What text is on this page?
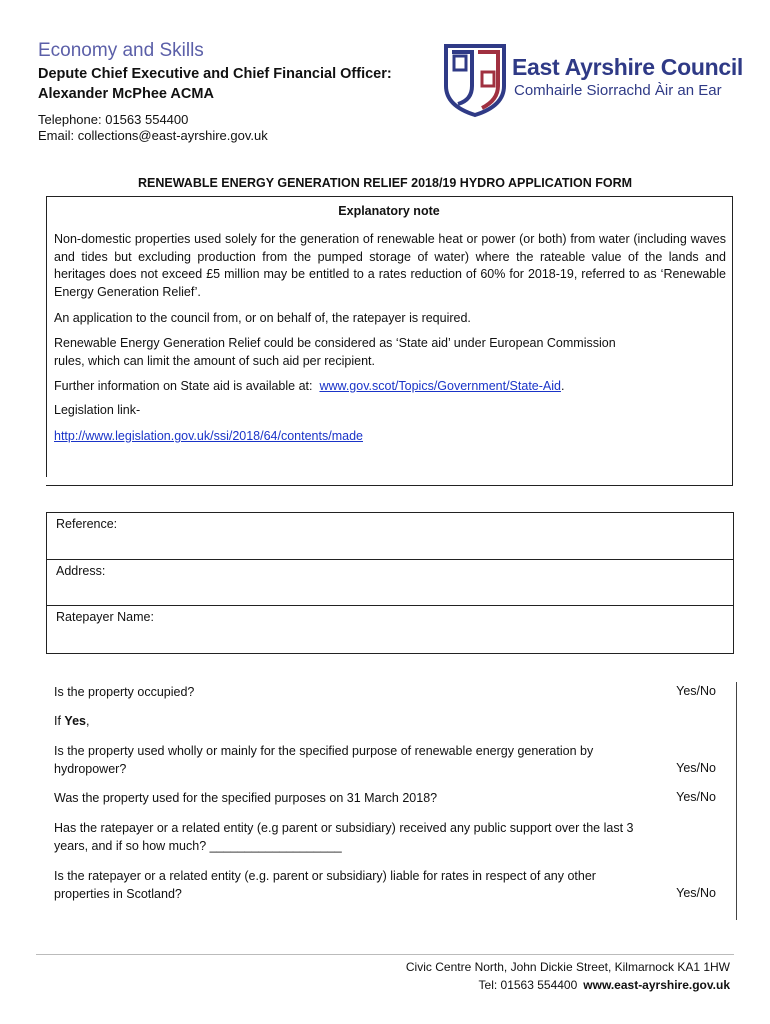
Economy and Skills
Depute Chief Executive and Chief Financial Officer:
Alexander McPhee ACMA
Telephone: 01563 554400
Email: collections@east-ayrshire.gov.uk
East Ayrshire Council
Comhairle Siorrachd Àir an Ear
RENEWABLE ENERGY GENERATION RELIEF 2018/19 HYDRO APPLICATION FORM
Explanatory note
Non-domestic properties used solely for the generation of renewable heat or power (or both) from water (including waves and tides but excluding production from the pumped storage of water) where the rateable value of the lands and heritages does not exceed £5 million may be entitled to a rates reduction of 60% for 2018-19, referred to as ‘Renewable Energy Generation Relief’.
An application to the council from, or on behalf of, the ratepayer is required.
Renewable Energy Generation Relief could be considered as ‘State aid’ under European Commission
rules, which can limit the amount of such aid per recipient.
Further information on State aid is available at: www.gov.scot/Topics/Government/State-Aid.
Legislation link-
http://www.legislation.gov.uk/ssi/2018/64/contents/made
Reference:
Address:
Ratepayer Name:
Is the property occupied?	Yes/No
If Yes,
Is the property used wholly or mainly for the specified purpose of renewable energy generation by
hydropower?	Yes/No
Was the property used for the specified purposes on 31 March 2018?	Yes/No
Has the ratepayer or a related entity (e.g parent or subsidiary) received any public support over the last 3
years, and if so how much? ___________________
Is the ratepayer or a related entity (e.g. parent or subsidiary) liable for rates in respect of any other
properties in Scotland?	Yes/No
Civic Centre North, John Dickie Street, Kilmarnock KA1 1HW
Tel: 01563 554400 www.east-ayrshire.gov.uk
